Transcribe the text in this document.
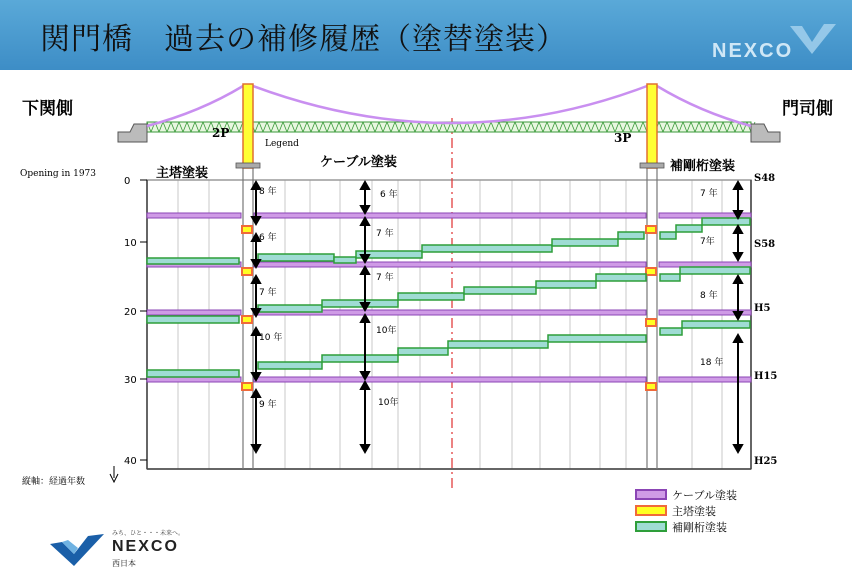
関門橋　過去の補修履歴（塗替塗装）	NEXCO
下関側	門司側
2P	3P
Legend
Opening in 1973	主塔塗装
ケーブル塗装	補剛桁塗装
0
10
20
30
40
S48
S58
H5
H15
H25
8 年
6 年
7 年
10 年
9 年
6 年
7 年
7 年
10年
10年
7 年
7年
8 年
18 年
縦軸：経過年数
ケーブル塗装
主塔塗装
補剛桁塗装
みち、ひと・・・未来へ。
NEXCO
西日本
